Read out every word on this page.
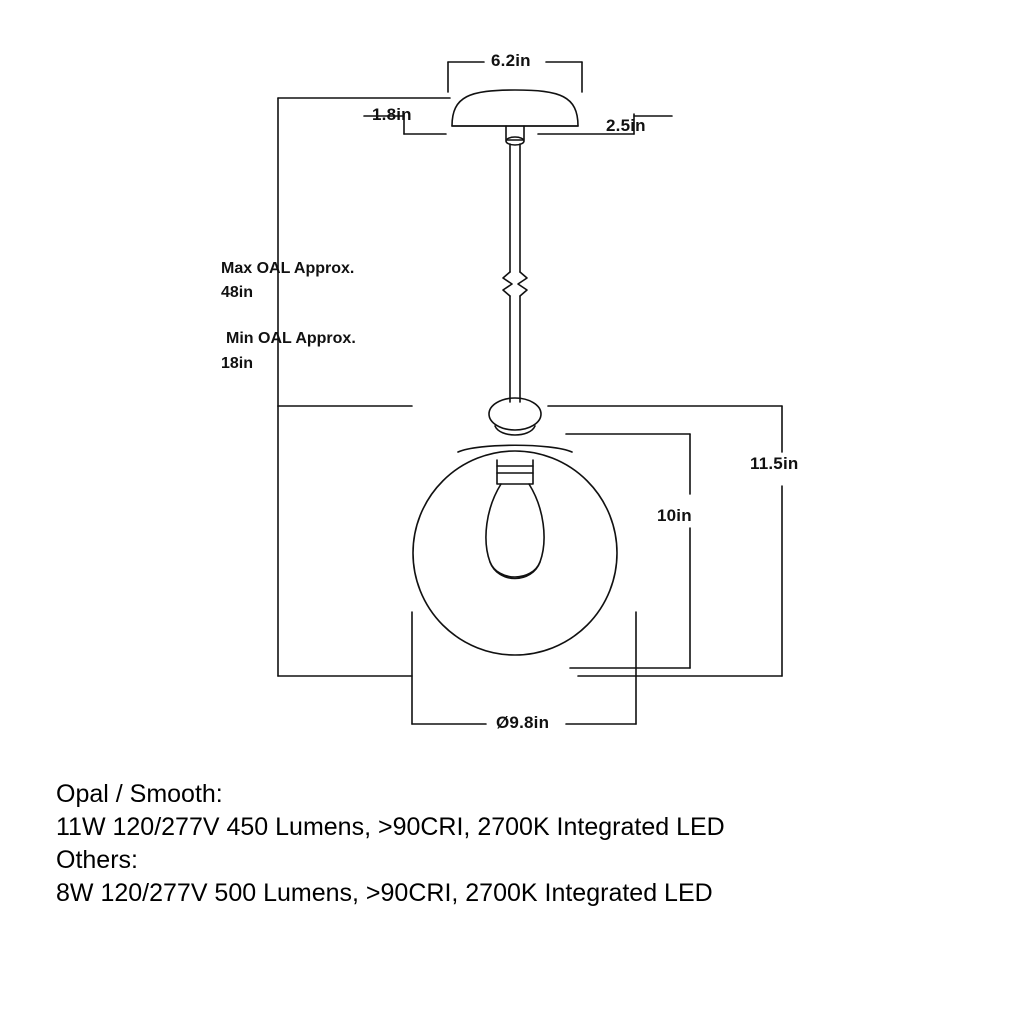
6.2in
1.8in
2.5in
Max OAL Approx.
48in
Min OAL Approx.
18in
11.5in
10in
Ø9.8in
Opal / Smooth:
11W 120/277V 450 Lumens, >90CRI, 2700K Integrated LED
Others:
8W 120/277V 500 Lumens, >90CRI, 2700K Integrated LED
